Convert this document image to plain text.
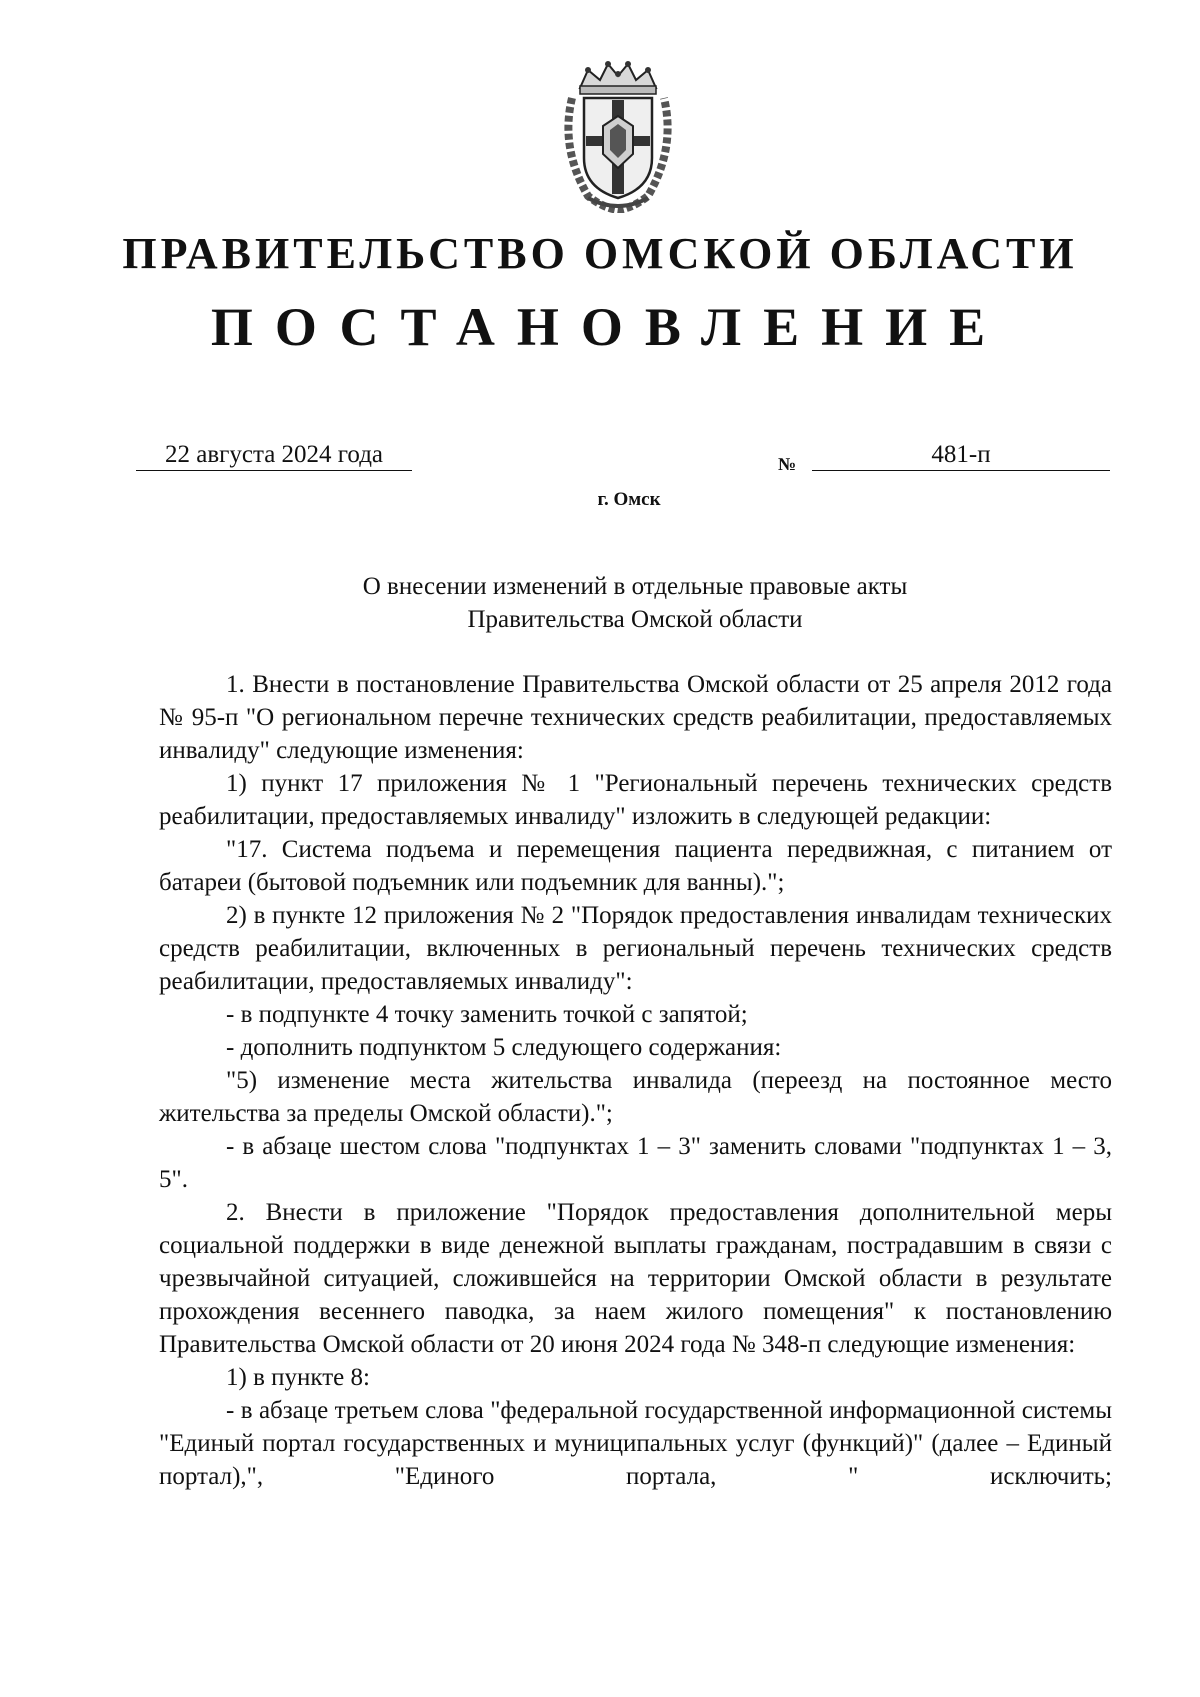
ПРАВИТЕЛЬСТВО ОМСКОЙ ОБЛАСТИ
ПОСТАНОВЛЕНИЕ
22 августа 2024 года	№	481-п
г. Омск
О внесении изменений в отдельные правовые акты
Правительства Омской области

1. Внести в постановление Правительства Омской области от 25 апреля 2012 года № 95-п "О региональном перечне технических средств реабилитации, предоставляемых инвалиду" следующие изменения:

1) пункт 17 приложения № 1 "Региональный перечень технических средств реабилитации, предоставляемых инвалиду" изложить в следующей редакции:

"17. Система подъема и перемещения пациента передвижная, с питанием от батареи (бытовой подъемник или подъемник для ванны).";

2) в пункте 12 приложения № 2 "Порядок предоставления инвалидам технических средств реабилитации, включенных в региональный перечень технических средств реабилитации, предоставляемых инвалиду":

- в подпункте 4 точку заменить точкой с запятой;

- дополнить подпунктом 5 следующего содержания:

"5) изменение места жительства инвалида (переезд на постоянное место жительства за пределы Омской области).";

- в абзаце шестом слова "подпунктах 1 – 3" заменить словами "подпунктах 1 – 3, 5".

2. Внести в приложение "Порядок предоставления дополнительной меры социальной поддержки в виде денежной выплаты гражданам, пострадавшим в связи с чрезвычайной ситуацией, сложившейся на территории Омской области в результате прохождения весеннего паводка, за наем жилого помещения" к постановлению Правительства Омской области от 20 июня 2024 года № 348-п следующие изменения:

1) в пункте 8:

- в абзаце третьем слова "федеральной государственной информационной системы "Единый портал государственных и муниципальных услуг (функций)" (далее – Единый портал),", "Единого портала, " исключить;
